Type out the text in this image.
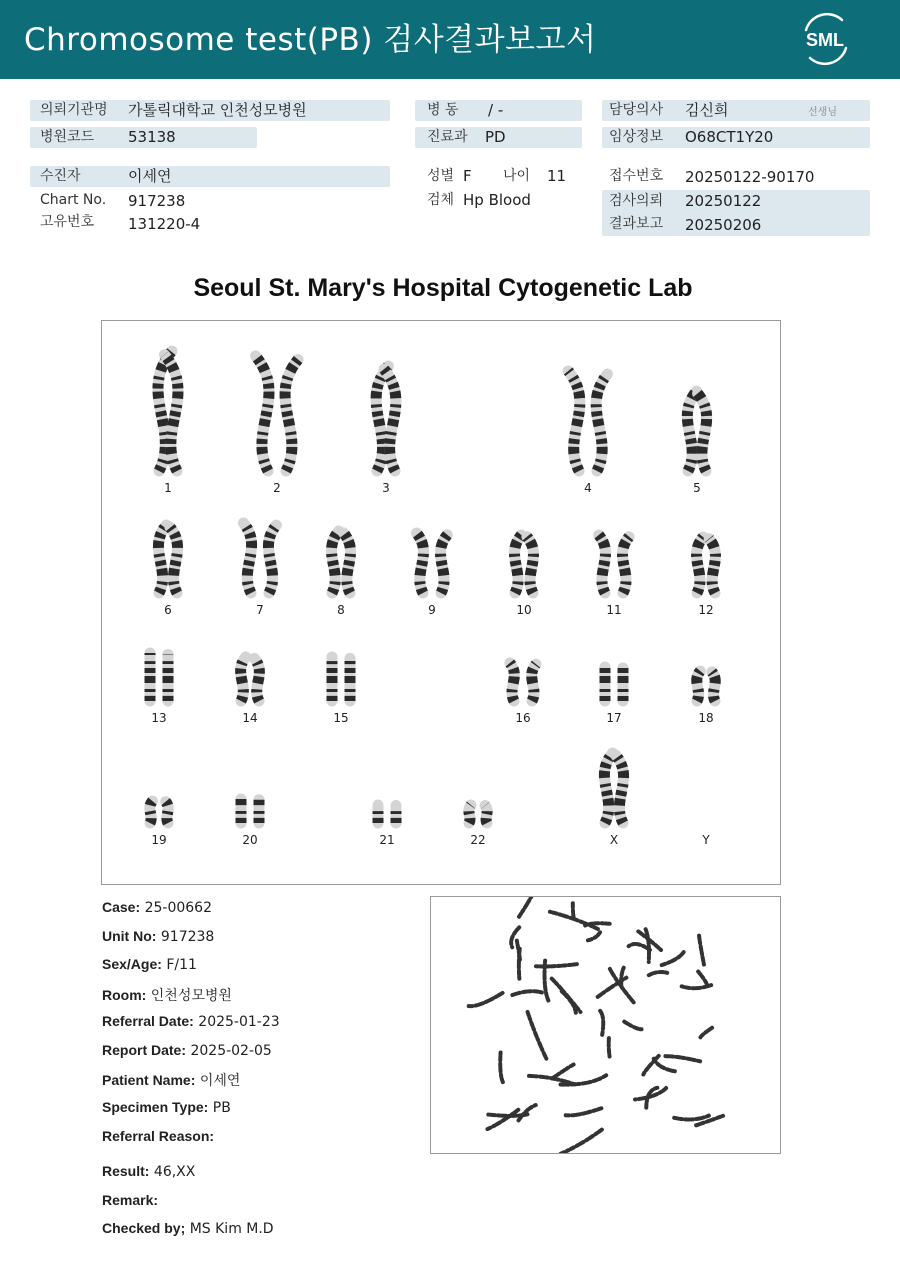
Chromosome test(PB) 검사결과보고서	SML
의뢰기관명 가톨릭대학교 인천성모병원
병원코드 53138
병 동 / -
진료과 PD
담당의사 김신희	선생님
임상정보 O68CT1Y20
수진자	이세연
Chart No. 917238
고유번호 131220-4
성별 F 나이 11
검체 Hp Blood
접수번호 20250122-90170
검사의뢰 20250122
결과보고 20250206
Seoul St. Mary's Hospital Cytogenetic Lab
1	2	3	4	5
6	7	8	9	10	11	12
13	14	15	16	17	18
19	20	21	22	X	Y
Case: 25-00662
Unit No: 917238
Sex/Age: F/11
Room: 인천성모병원
Referral Date: 2025-01-23
Report Date: 2025-02-05
Patient Name: 이세연
Specimen Type: PB
Referral Reason:
Result: 46,XX
Remark:
Checked by; MS Kim M.D
